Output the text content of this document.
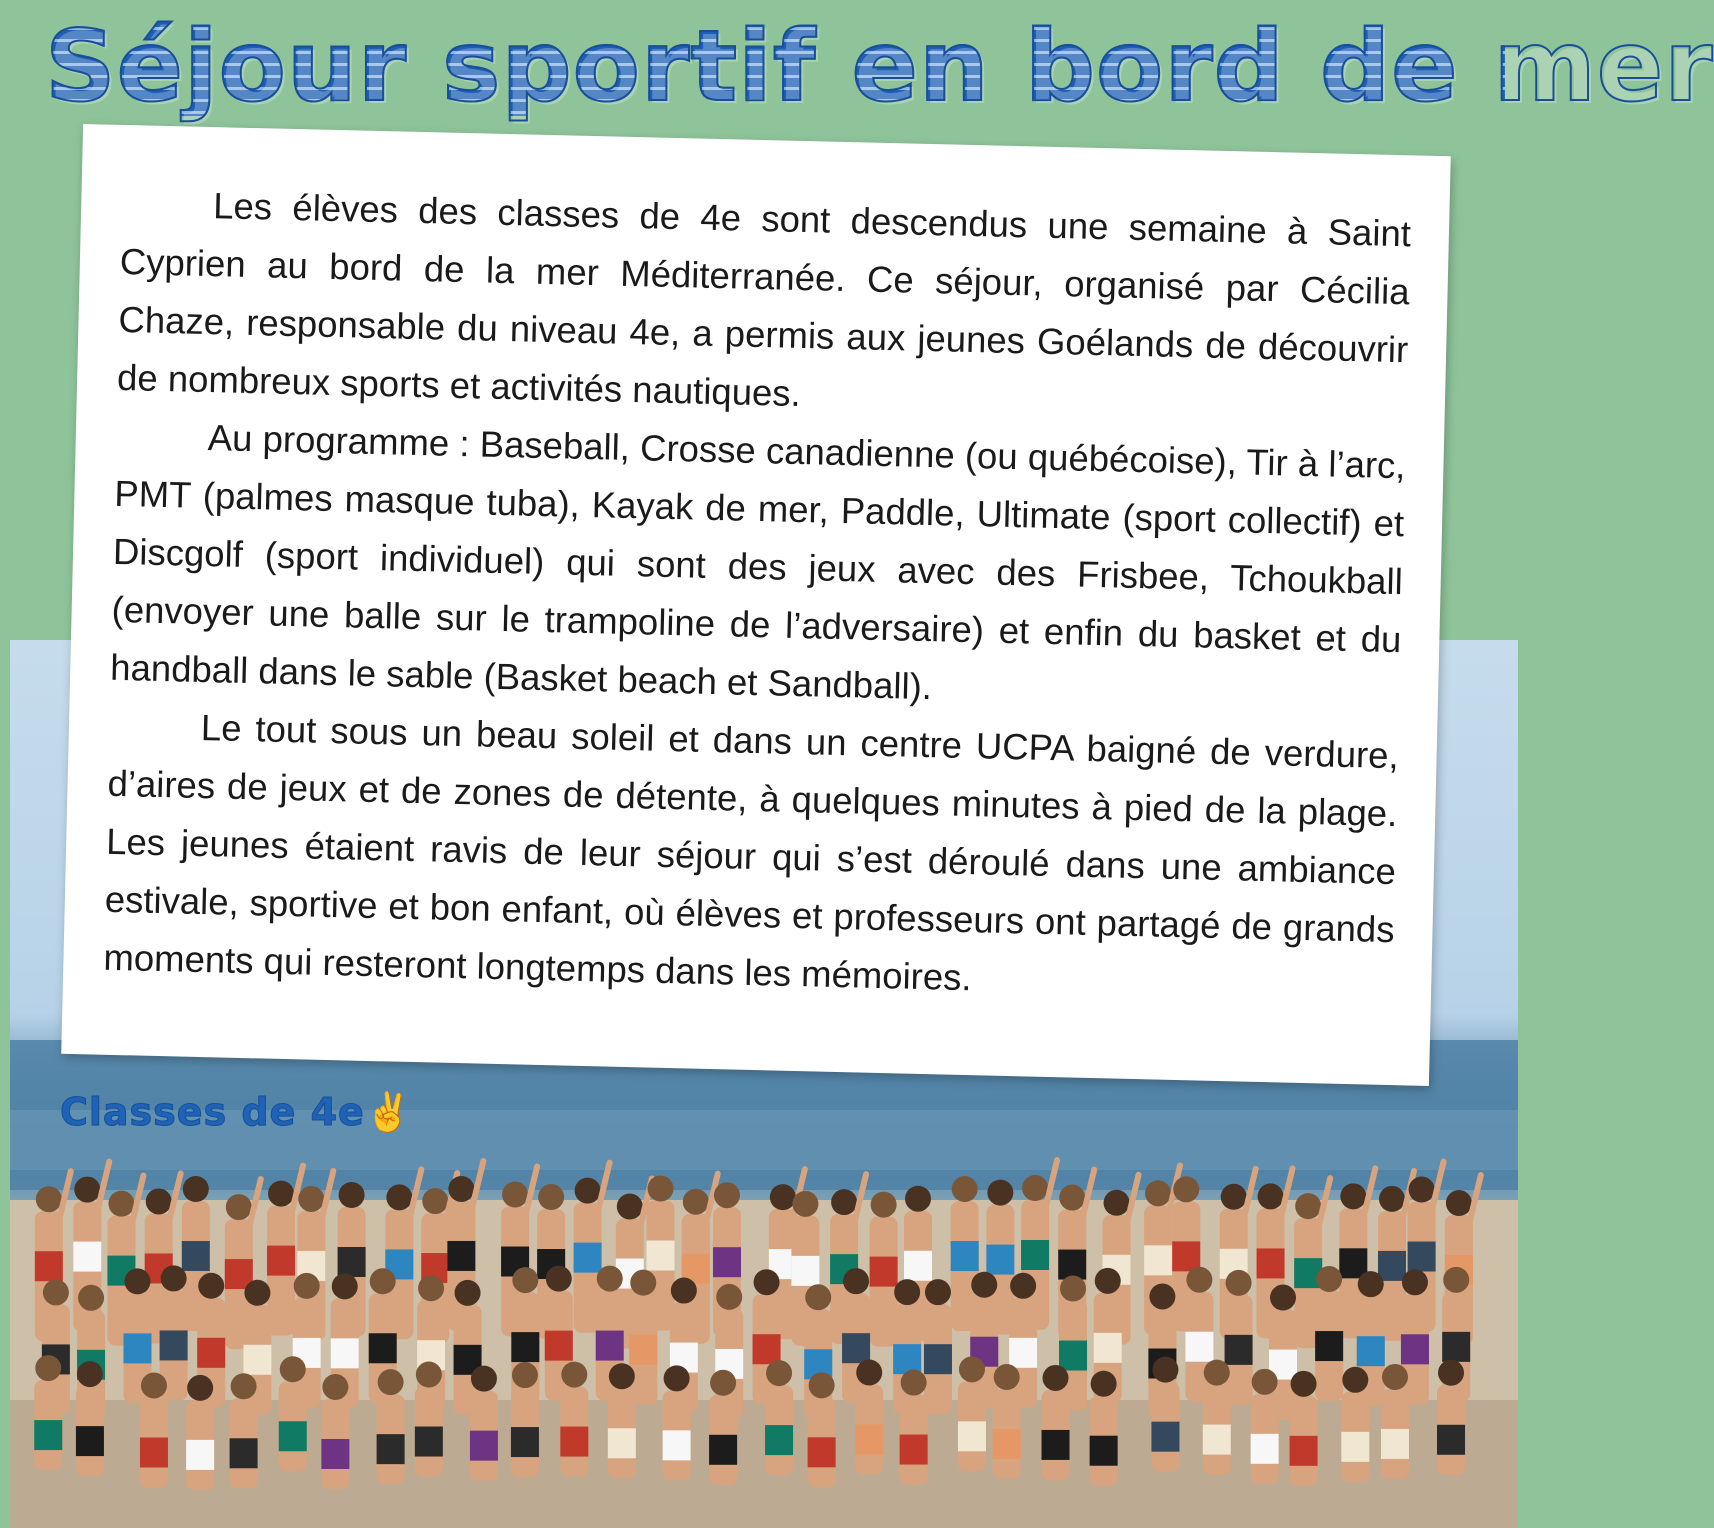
Séjour sportif en bord de mer
Classes de 4e✌️

Les élèves des classes de 4e sont descendus une semaine à Saint Cyprien au bord de la mer Méditerranée. Ce séjour, organisé par Cécilia Chaze, responsable du niveau 4e, a permis aux jeunes Goélands de découvrir de nombreux sports et activités nautiques.

Au programme : Baseball, Crosse canadienne (ou québécoise), Tir à l’arc, PMT (palmes masque tuba), Kayak de mer, Paddle, Ultimate (sport collectif) et Discgolf (sport individuel) qui sont des jeux avec des Frisbee, Tchoukball (envoyer une balle sur le trampoline de l’adversaire) et enfin du basket et du handball dans le sable (Basket beach et Sandball).

Le tout sous un beau soleil et dans un centre UCPA baigné de verdure, d’aires de jeux et de zones de détente, à quelques minutes à pied de la plage. Les jeunes étaient ravis de leur séjour qui s’est déroulé dans une ambiance estivale, sportive et bon enfant, où élèves et professeurs ont partagé de grands moments qui resteront longtemps dans les mémoires.
